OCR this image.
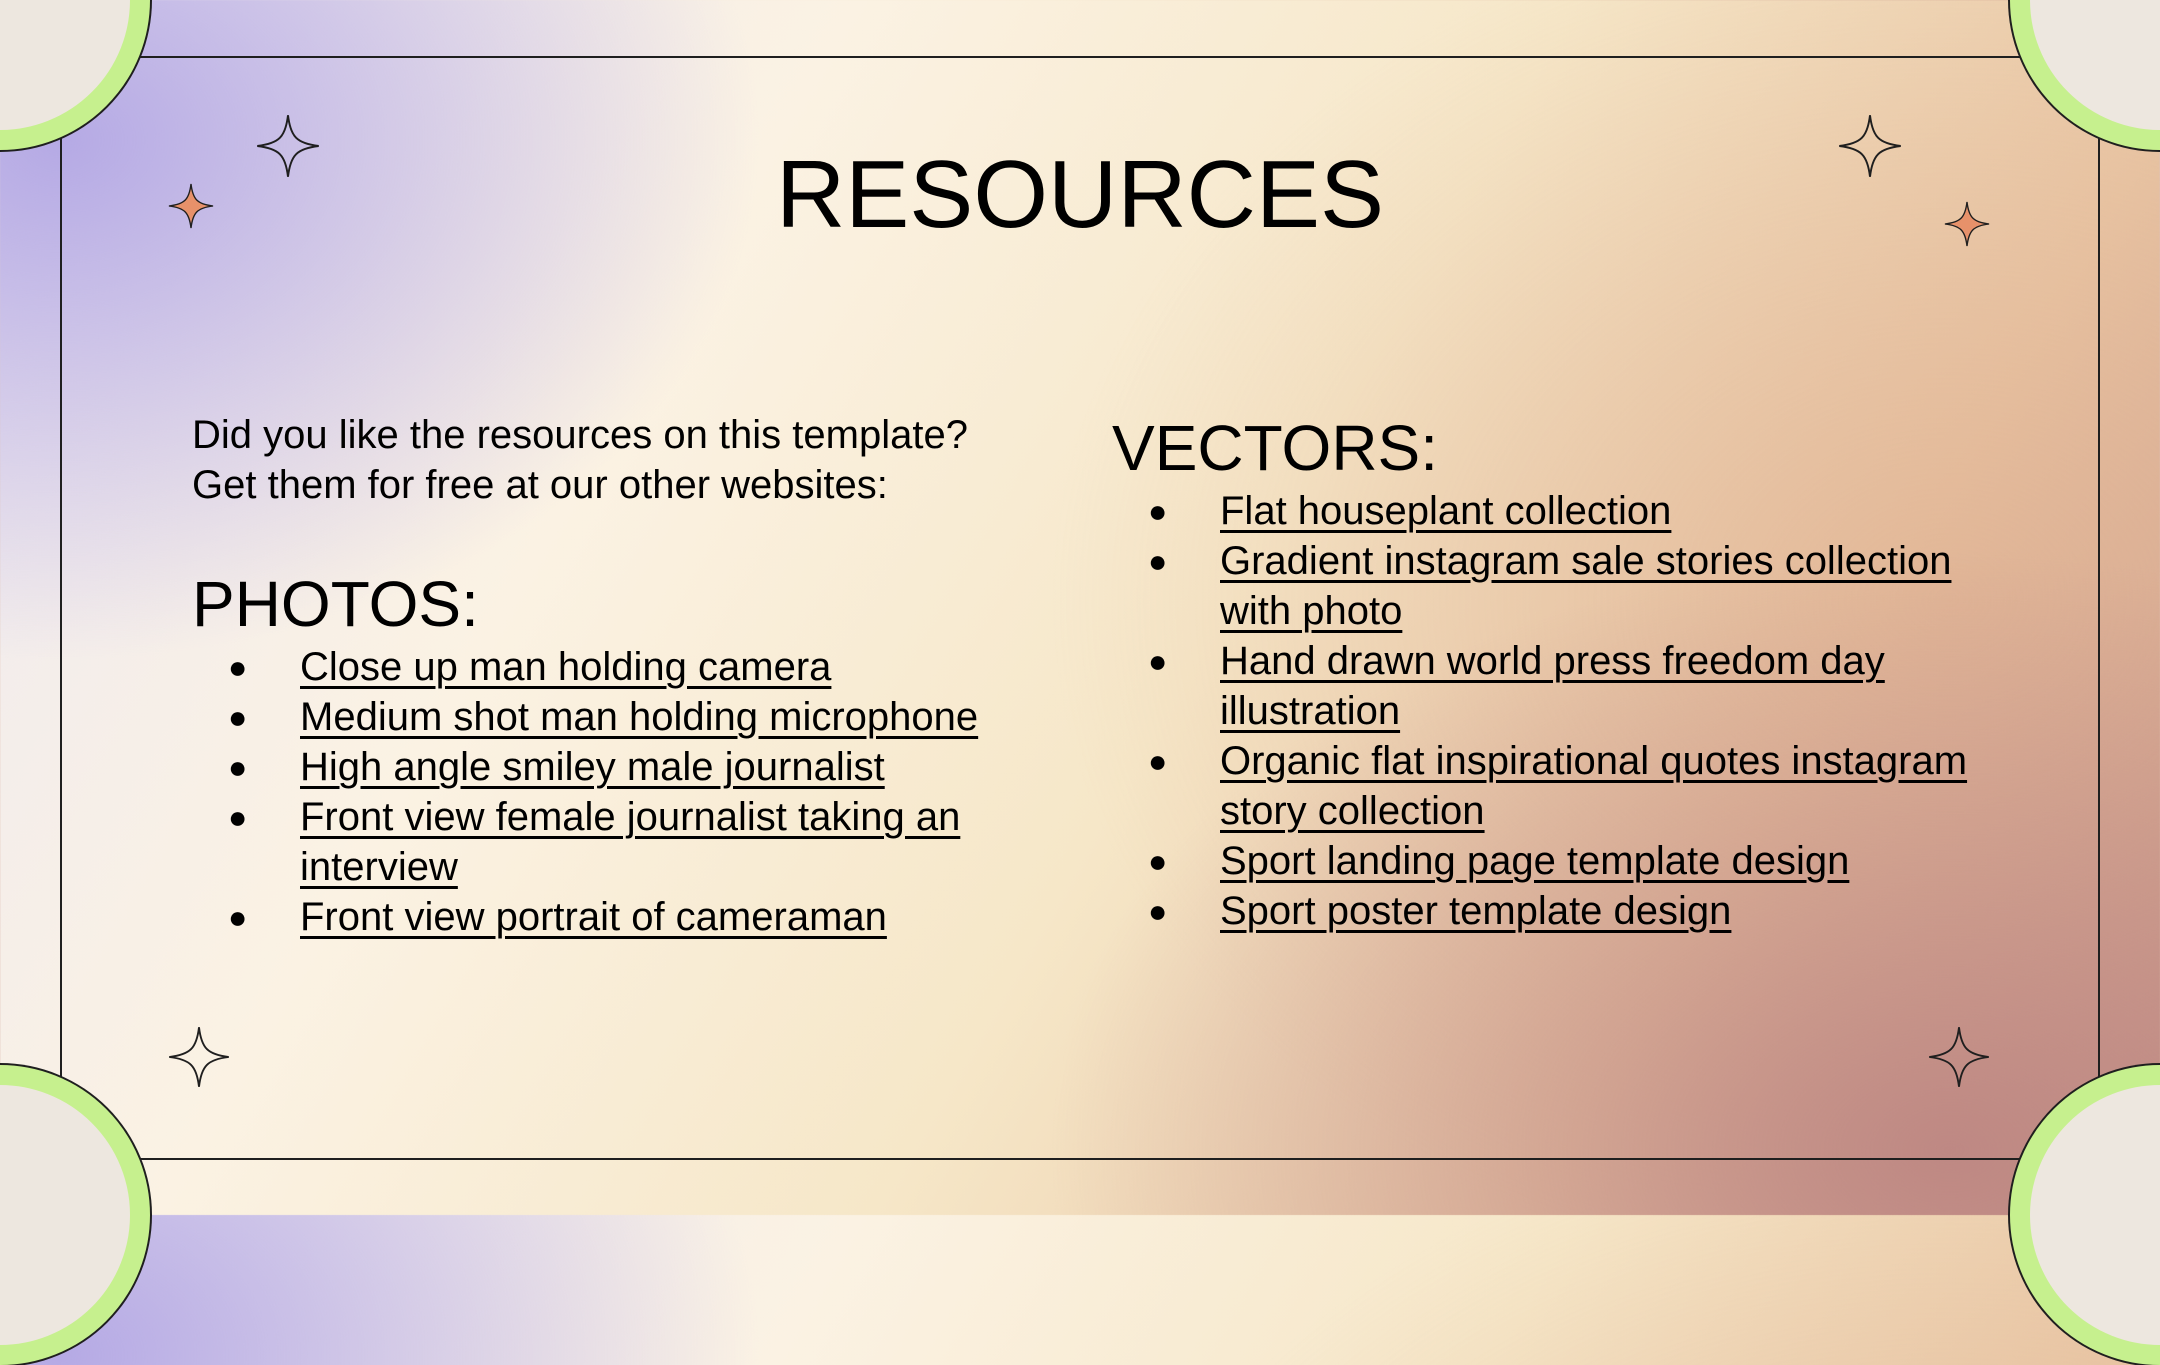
RESOURCES

Did you like the resources on this template?
Get them for free at our other websites:

PHOTOS:
● Close up man holding camera
● Medium shot man holding microphone
● High angle smiley male journalist
● Front view female journalist taking an interview
● Front view portrait of cameraman
VECTORS:
● Flat houseplant collection
● Gradient instagram sale stories collection with photo
● Hand drawn world press freedom day illustration
● Organic flat inspirational quotes instagram story collection
● Sport landing page template design
● Sport poster template design
